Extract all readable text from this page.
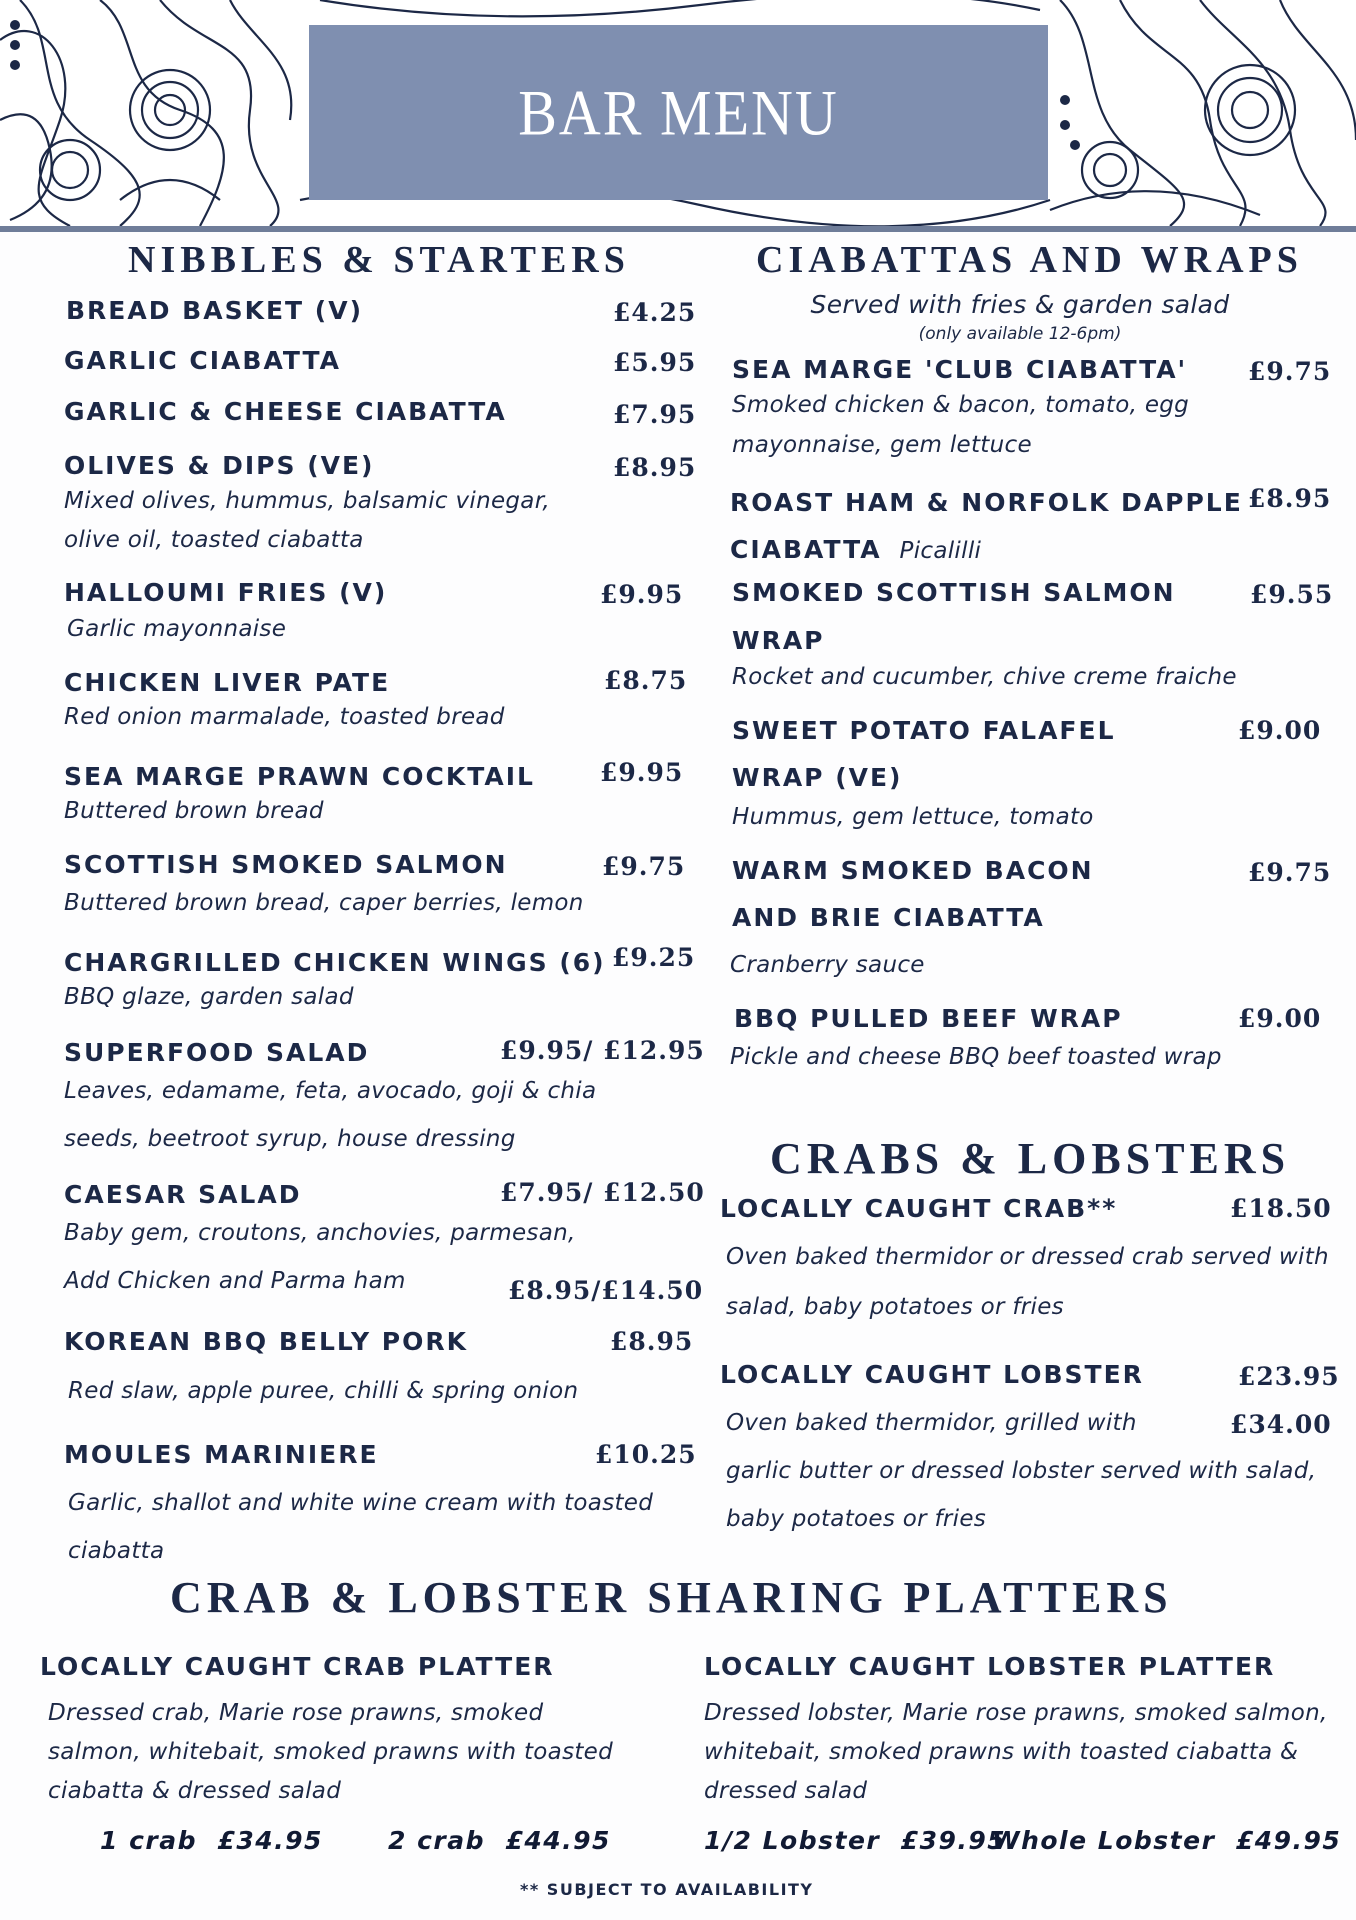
BAR MENU
NIBBLES & STARTERS
BREAD BASKET (V)	£4.25
GARLIC CIABATTA	£5.95
GARLIC & CHEESE CIABATTA	£7.95
OLIVES & DIPS (VE)	£8.95
Mixed olives, hummus, balsamic vinegar,
olive oil, toasted ciabatta
HALLOUMI FRIES (V)	£9.95
Garlic mayonnaise
CHICKEN LIVER PATE	£8.75
Red onion marmalade, toasted bread
SEA MARGE PRAWN COCKTAIL	£9.95
Buttered brown bread
SCOTTISH SMOKED SALMON	£9.75
Buttered brown bread, caper berries, lemon
CHARGRILLED CHICKEN WINGS (6) £9.25
BBQ glaze, garden salad
SUPERFOOD SALAD	£9.95/ £12.95
Leaves, edamame, feta, avocado, goji & chia
seeds, beetroot syrup, house dressing
CAESAR SALAD	£7.95/ £12.50
Baby gem, croutons, anchovies, parmesan,
Add Chicken and Parma ham	£8.95/£14.50
KOREAN BBQ BELLY PORK	£8.95
Red slaw, apple puree, chilli & spring onion
MOULES MARINIERE	£10.25
Garlic, shallot and white wine cream with toasted
ciabatta
CIABATTAS AND WRAPS
Served with fries & garden salad
(only available 12-6pm)
SEA MARGE 'CLUB CIABATTA' £9.75
Smoked chicken & bacon, tomato, egg
mayonnaise, gem lettuce
ROAST HAM & NORFOLK DAPPLE £8.95
CIABATTA Picalilli
SMOKED SCOTTISH SALMON	£9.55
WRAP
Rocket and cucumber, chive creme fraiche
SWEET POTATO FALAFEL	£9.00
WRAP (VE)
Hummus, gem lettuce, tomato
WARM SMOKED BACON	£9.75
AND BRIE CIABATTA
Cranberry sauce
BBQ PULLED BEEF WRAP	£9.00
Pickle and cheese BBQ beef toasted wrap
CRABS & LOBSTERS
LOCALLY CAUGHT CRAB**	£18.50
Oven baked thermidor or dressed crab served with
salad, baby potatoes or fries
LOCALLY CAUGHT LOBSTER	£23.95
Oven baked thermidor, grilled with	£34.00
garlic butter or dressed lobster served with salad,
baby potatoes or fries
CRAB & LOBSTER SHARING PLATTERS
LOCALLY CAUGHT CRAB PLATTER
Dressed crab, Marie rose prawns, smoked
salmon, whitebait, smoked prawns with toasted
ciabatta & dressed salad
1 crab £34.95	2 crab £44.95
LOCALLY CAUGHT LOBSTER PLATTER
Dressed lobster, Marie rose prawns, smoked salmon,
whitebait, smoked prawns with toasted ciabatta &
dressed salad
1/2 Lobster £39.95
Whole Lobster £49.95
** SUBJECT TO AVAILABILITY
